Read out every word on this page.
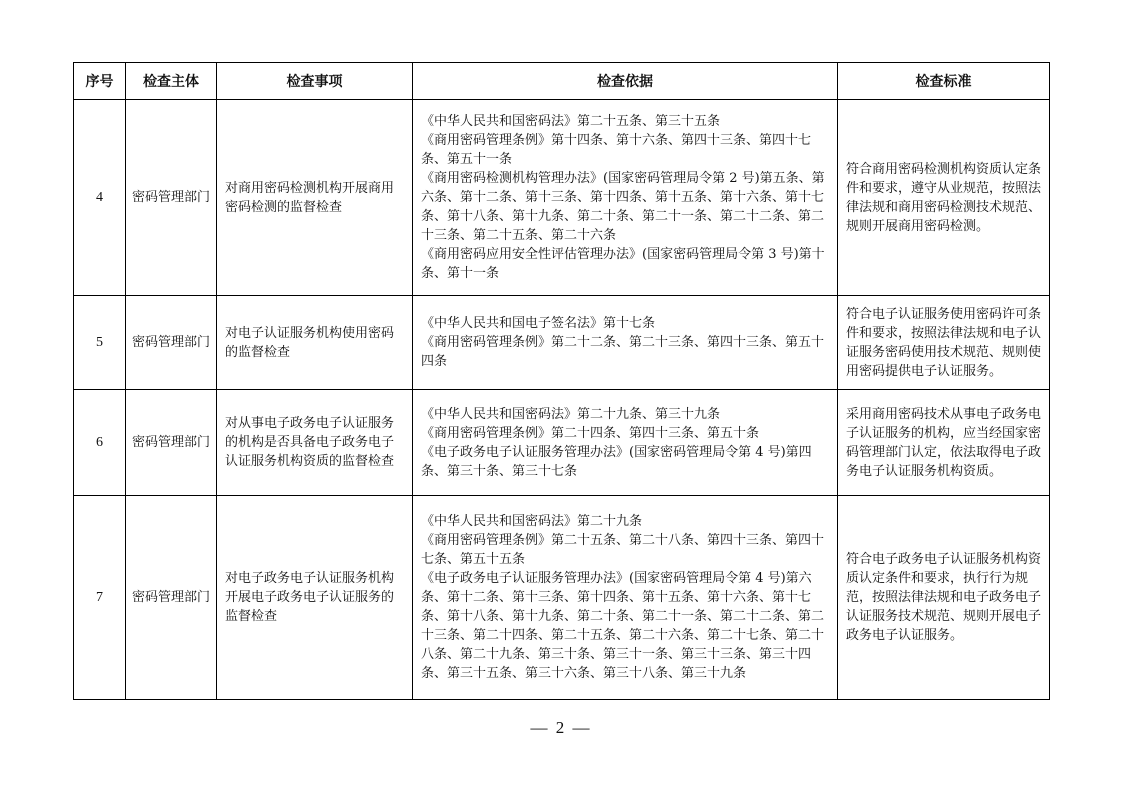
序号	检查主体	检查事项	检查依据	检查标准
4	密码管理部门	对商用密码检测机构开展商用密码检测的监督检查	《中华人民共和国密码法》第二十五条、第三十五条
《商用密码管理条例》第十四条、第十六条、第四十三条、第四十七条、第五十一条
《商用密码检测机构管理办法》(国家密码管理局令第 2 号)第五条、第六条、第十二条、第十三条、第十四条、第十五条、第十六条、第十七条、第十八条、第十九条、第二十条、第二十一条、第二十二条、第二十三条、第二十五条、第二十六条
《商用密码应用安全性评估管理办法》(国家密码管理局令第 3 号)第十条、第十一条	符合商用密码检测机构资质认定条件和要求，遵守从业规范，按照法律法规和商用密码检测技术规范、规则开展商用密码检测。
5	密码管理部门	对电子认证服务机构使用密码的监督检查	《中华人民共和国电子签名法》第十七条
《商用密码管理条例》第二十二条、第二十三条、第四十三条、第五十四条	符合电子认证服务使用密码许可条件和要求，按照法律法规和电子认证服务密码使用技术规范、规则使用密码提供电子认证服务。
6	密码管理部门	对从事电子政务电子认证服务的机构是否具备电子政务电子认证服务机构资质的监督检查	《中华人民共和国密码法》第二十九条、第三十九条
《商用密码管理条例》第二十四条、第四十三条、第五十条
《电子政务电子认证服务管理办法》(国家密码管理局令第 4 号)第四条、第三十条、第三十七条	采用商用密码技术从事电子政务电子认证服务的机构，应当经国家密码管理部门认定，依法取得电子政务电子认证服务机构资质。
7	密码管理部门	对电子政务电子认证服务机构开展电子政务电子认证服务的监督检查	《中华人民共和国密码法》第二十九条
《商用密码管理条例》第二十五条、第二十八条、第四十三条、第四十七条、第五十五条
《电子政务电子认证服务管理办法》(国家密码管理局令第 4 号)第六条、第十二条、第十三条、第十四条、第十五条、第十六条、第十七条、第十八条、第十九条、第二十条、第二十一条、第二十二条、第二十三条、第二十四条、第二十五条、第二十六条、第二十七条、第二十八条、第二十九条、第三十条、第三十一条、第三十三条、第三十四条、第三十五条、第三十六条、第三十八条、第三十九条	符合电子政务电子认证服务机构资质认定条件和要求，执行行为规范，按照法律法规和电子政务电子认证服务技术规范、规则开展电子政务电子认证服务。
— 2 —
